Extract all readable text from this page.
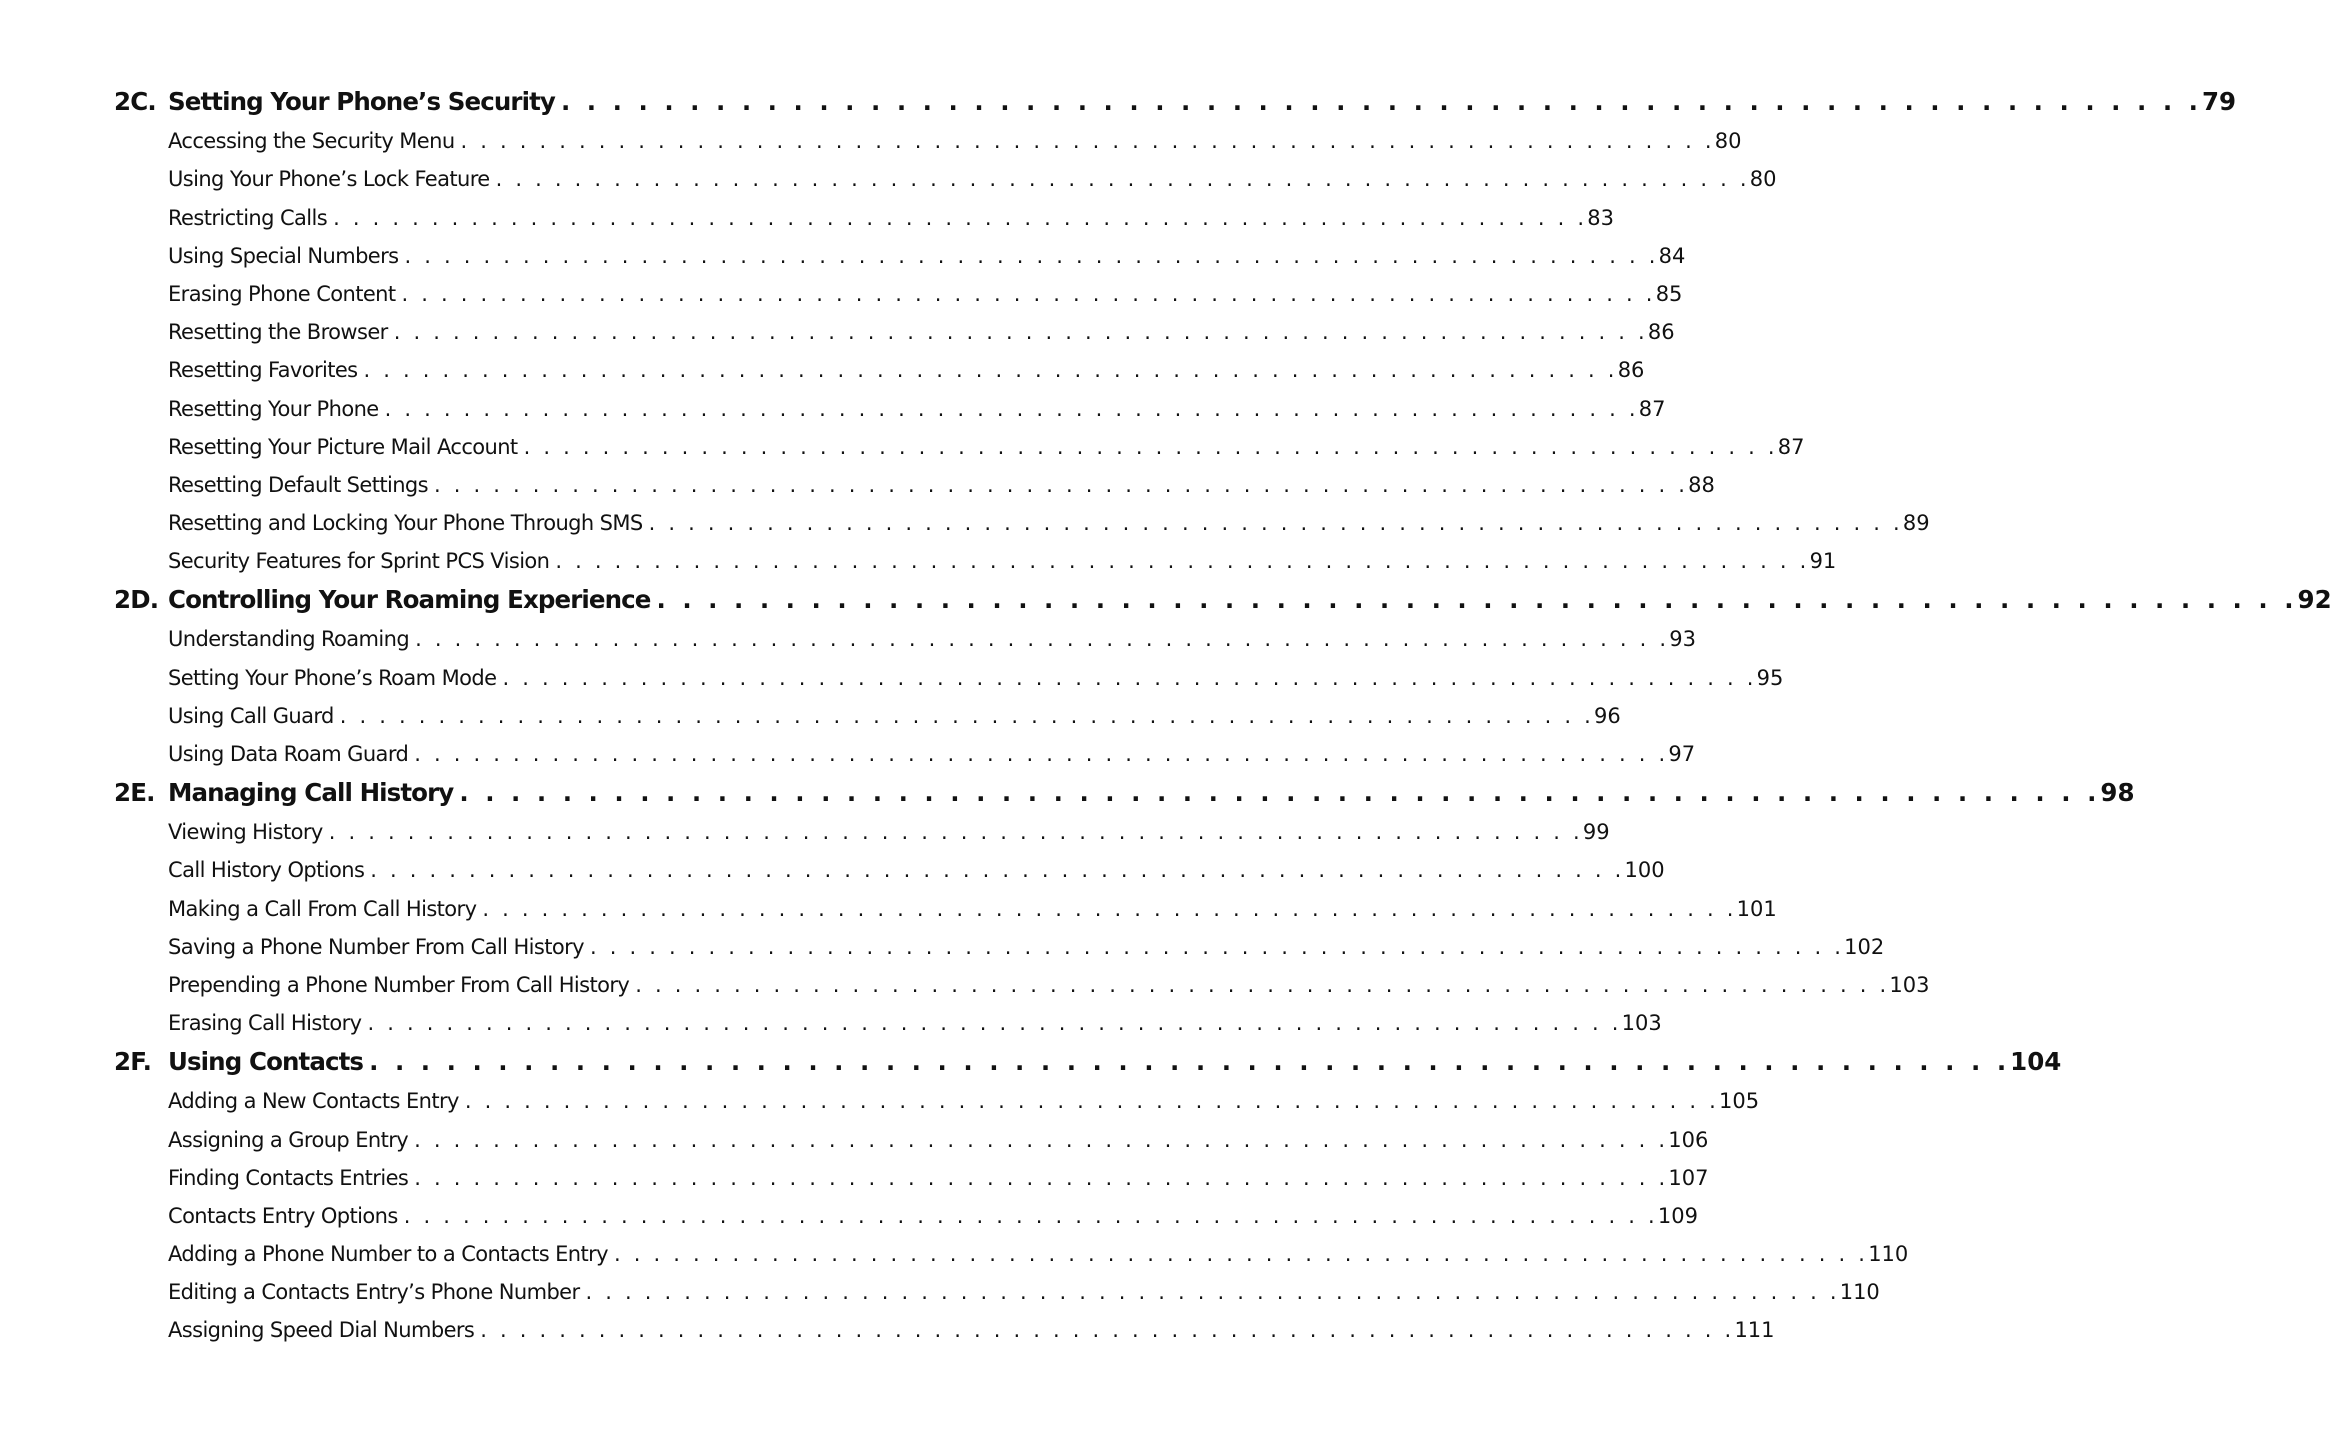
2C. Setting Your Phone’s Security . . . . . . . . . . . . . . . . . . . . . . . . . . . . . . . . . . . . . . . . . . . . . . . . . . . . . . . . . . . . . . . . 79
Accessing the Security Menu . . . . . . . . . . . . . . . . . . . . . . . . . . . . . . . . . . . . . . . . . . . . . . . . . . . . . . . . . . . . . . . . 80
Using Your Phone’s Lock Feature . . . . . . . . . . . . . . . . . . . . . . . . . . . . . . . . . . . . . . . . . . . . . . . . . . . . . . . . . . . . . . . . 80
Restricting Calls . . . . . . . . . . . . . . . . . . . . . . . . . . . . . . . . . . . . . . . . . . . . . . . . . . . . . . . . . . . . . . . . 83
Using Special Numbers . . . . . . . . . . . . . . . . . . . . . . . . . . . . . . . . . . . . . . . . . . . . . . . . . . . . . . . . . . . . . . . . 84
Erasing Phone Content . . . . . . . . . . . . . . . . . . . . . . . . . . . . . . . . . . . . . . . . . . . . . . . . . . . . . . . . . . . . . . . . 85
Resetting the Browser . . . . . . . . . . . . . . . . . . . . . . . . . . . . . . . . . . . . . . . . . . . . . . . . . . . . . . . . . . . . . . . . 86
Resetting Favorites . . . . . . . . . . . . . . . . . . . . . . . . . . . . . . . . . . . . . . . . . . . . . . . . . . . . . . . . . . . . . . . . 86
Resetting Your Phone . . . . . . . . . . . . . . . . . . . . . . . . . . . . . . . . . . . . . . . . . . . . . . . . . . . . . . . . . . . . . . . . 87
Resetting Your Picture Mail Account . . . . . . . . . . . . . . . . . . . . . . . . . . . . . . . . . . . . . . . . . . . . . . . . . . . . . . . . . . . . . . . . 87
Resetting Default Settings . . . . . . . . . . . . . . . . . . . . . . . . . . . . . . . . . . . . . . . . . . . . . . . . . . . . . . . . . . . . . . . . 88
Resetting and Locking Your Phone Through SMS . . . . . . . . . . . . . . . . . . . . . . . . . . . . . . . . . . . . . . . . . . . . . . . . . . . . . . . . . . . . . . . . 89
Security Features for Sprint PCS Vision . . . . . . . . . . . . . . . . . . . . . . . . . . . . . . . . . . . . . . . . . . . . . . . . . . . . . . . . . . . . . . . . 91
2D. Controlling Your Roaming Experience . . . . . . . . . . . . . . . . . . . . . . . . . . . . . . . . . . . . . . . . . . . . . . . . . . . . . . . . . . . . . . . . 92
Understanding Roaming . . . . . . . . . . . . . . . . . . . . . . . . . . . . . . . . . . . . . . . . . . . . . . . . . . . . . . . . . . . . . . . . 93
Setting Your Phone’s Roam Mode . . . . . . . . . . . . . . . . . . . . . . . . . . . . . . . . . . . . . . . . . . . . . . . . . . . . . . . . . . . . . . . . 95
Using Call Guard . . . . . . . . . . . . . . . . . . . . . . . . . . . . . . . . . . . . . . . . . . . . . . . . . . . . . . . . . . . . . . . . 96
Using Data Roam Guard . . . . . . . . . . . . . . . . . . . . . . . . . . . . . . . . . . . . . . . . . . . . . . . . . . . . . . . . . . . . . . . . 97
2E. Managing Call History . . . . . . . . . . . . . . . . . . . . . . . . . . . . . . . . . . . . . . . . . . . . . . . . . . . . . . . . . . . . . . . . 98
Viewing History . . . . . . . . . . . . . . . . . . . . . . . . . . . . . . . . . . . . . . . . . . . . . . . . . . . . . . . . . . . . . . . . 99
Call History Options . . . . . . . . . . . . . . . . . . . . . . . . . . . . . . . . . . . . . . . . . . . . . . . . . . . . . . . . . . . . . . . . 100
Making a Call From Call History . . . . . . . . . . . . . . . . . . . . . . . . . . . . . . . . . . . . . . . . . . . . . . . . . . . . . . . . . . . . . . . . 101
Saving a Phone Number From Call History . . . . . . . . . . . . . . . . . . . . . . . . . . . . . . . . . . . . . . . . . . . . . . . . . . . . . . . . . . . . . . . . 102
Prepending a Phone Number From Call History . . . . . . . . . . . . . . . . . . . . . . . . . . . . . . . . . . . . . . . . . . . . . . . . . . . . . . . . . . . . . . . . 103
Erasing Call History . . . . . . . . . . . . . . . . . . . . . . . . . . . . . . . . . . . . . . . . . . . . . . . . . . . . . . . . . . . . . . . . 103
2F. Using Contacts . . . . . . . . . . . . . . . . . . . . . . . . . . . . . . . . . . . . . . . . . . . . . . . . . . . . . . . . . . . . . . . . 104
Adding a New Contacts Entry . . . . . . . . . . . . . . . . . . . . . . . . . . . . . . . . . . . . . . . . . . . . . . . . . . . . . . . . . . . . . . . . 105
Assigning a Group Entry . . . . . . . . . . . . . . . . . . . . . . . . . . . . . . . . . . . . . . . . . . . . . . . . . . . . . . . . . . . . . . . . 106
Finding Contacts Entries . . . . . . . . . . . . . . . . . . . . . . . . . . . . . . . . . . . . . . . . . . . . . . . . . . . . . . . . . . . . . . . . 107
Contacts Entry Options . . . . . . . . . . . . . . . . . . . . . . . . . . . . . . . . . . . . . . . . . . . . . . . . . . . . . . . . . . . . . . . . 109
Adding a Phone Number to a Contacts Entry . . . . . . . . . . . . . . . . . . . . . . . . . . . . . . . . . . . . . . . . . . . . . . . . . . . . . . . . . . . . . . . . 110
Editing a Contacts Entry’s Phone Number . . . . . . . . . . . . . . . . . . . . . . . . . . . . . . . . . . . . . . . . . . . . . . . . . . . . . . . . . . . . . . . . 110
Assigning Speed Dial Numbers . . . . . . . . . . . . . . . . . . . . . . . . . . . . . . . . . . . . . . . . . . . . . . . . . . . . . . . . . . . . . . . . 111
